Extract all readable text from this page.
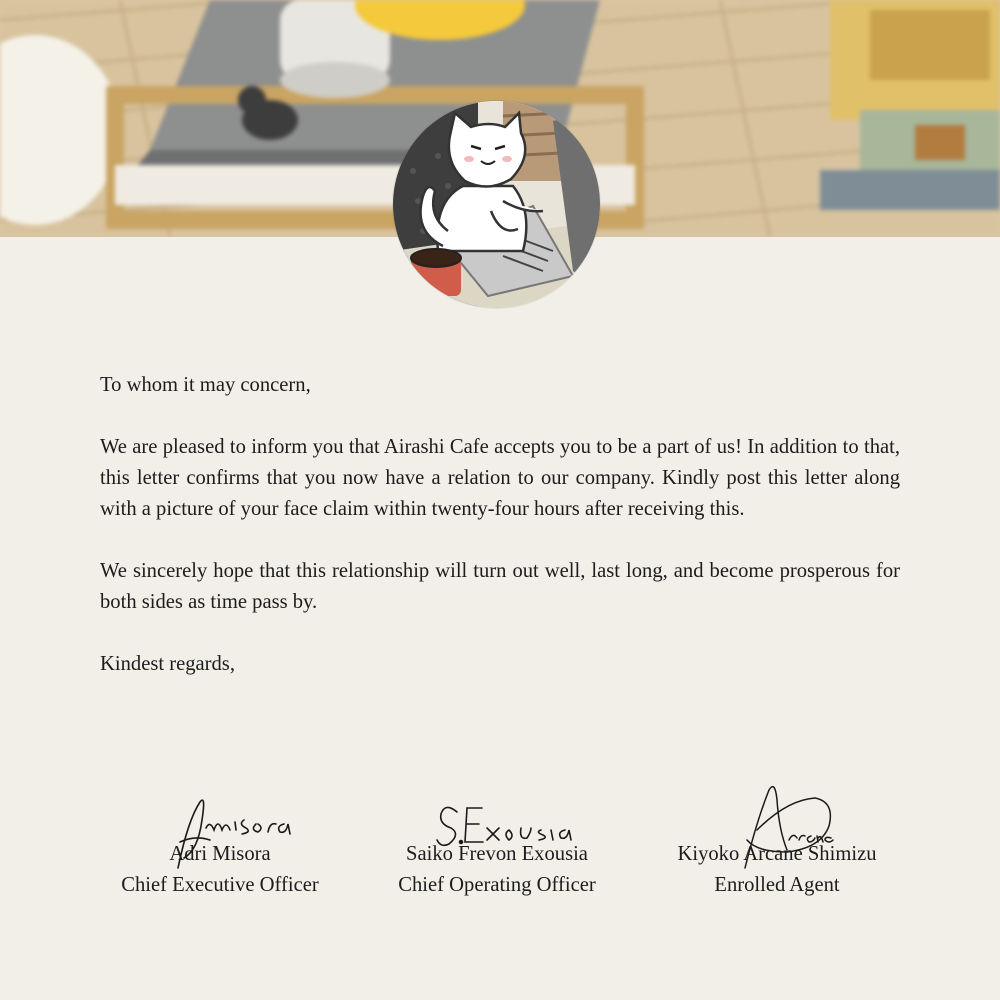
To whom it may concern,

We are pleased to inform you that Airashi Cafe accepts you to be a part of us! In addition to that, this letter confirms that you now have a relation to our company. Kindly post this letter along with a picture of your face claim within twenty-four hours after receiving this.

We sincerely hope that this relationship will turn out well, last long, and become prosperous for both sides as time pass by.

Kindest regards,

Adri Misora
Chief Executive Officer
Saiko Frevon Exousia
Chief Operating Officer
Kiyoko Arcane Shimizu
Enrolled Agent
